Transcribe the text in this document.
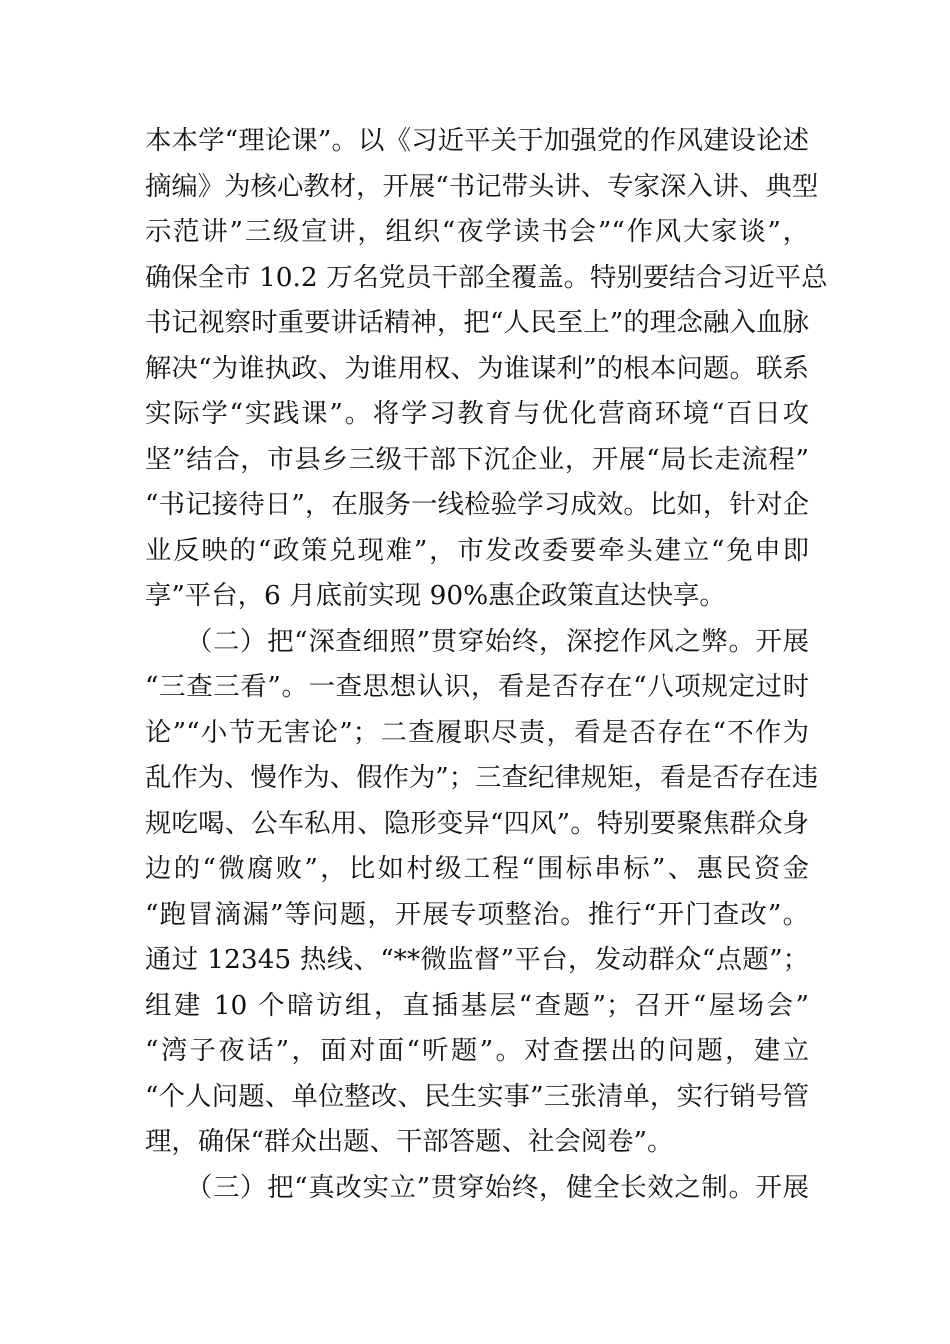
本本学“理论课”。以《习近平关于加强党的作风建设论述
摘编》为核心教材，开展“书记带头讲、专家深入讲、典型
示范讲”三级宣讲，组织“夜学读书会”“作风大家谈”，
确保全市 10.2 万名党员干部全覆盖。特别要结合习近平总
书记视察时重要讲话精神，把“人民至上”的理念融入血脉
解决“为谁执政、为谁用权、为谁谋利”的根本问题。联系
实际学“实践课”。将学习教育与优化营商环境“百日攻
坚”结合，市县乡三级干部下沉企业，开展“局长走流程”
“书记接待日”，在服务一线检验学习成效。比如，针对企
业反映的“政策兑现难”，市发改委要牵头建立“免申即
享”平台，6 月底前实现 90%惠企政策直达快享。
　　（二）把“深查细照”贯穿始终，深挖作风之弊。开展
“三查三看”。一查思想认识，看是否存在“八项规定过时
论”“小节无害论”；二查履职尽责，看是否存在“不作为
乱作为、慢作为、假作为”；三查纪律规矩，看是否存在违
规吃喝、公车私用、隐形变异“四风”。特别要聚焦群众身
边的“微腐败”，比如村级工程“围标串标”、惠民资金
“跑冒滴漏”等问题，开展专项整治。推行“开门查改”。
通过 12345 热线、“**微监督”平台，发动群众“点题”；
组建 10 个暗访组，直插基层“查题”；召开“屋场会”
“湾子夜话”，面对面“听题”。对查摆出的问题，建立
“个人问题、单位整改、民生实事”三张清单，实行销号管
理，确保“群众出题、干部答题、社会阅卷”。
　　（三）把“真改实立”贯穿始终，健全长效之制。开展
